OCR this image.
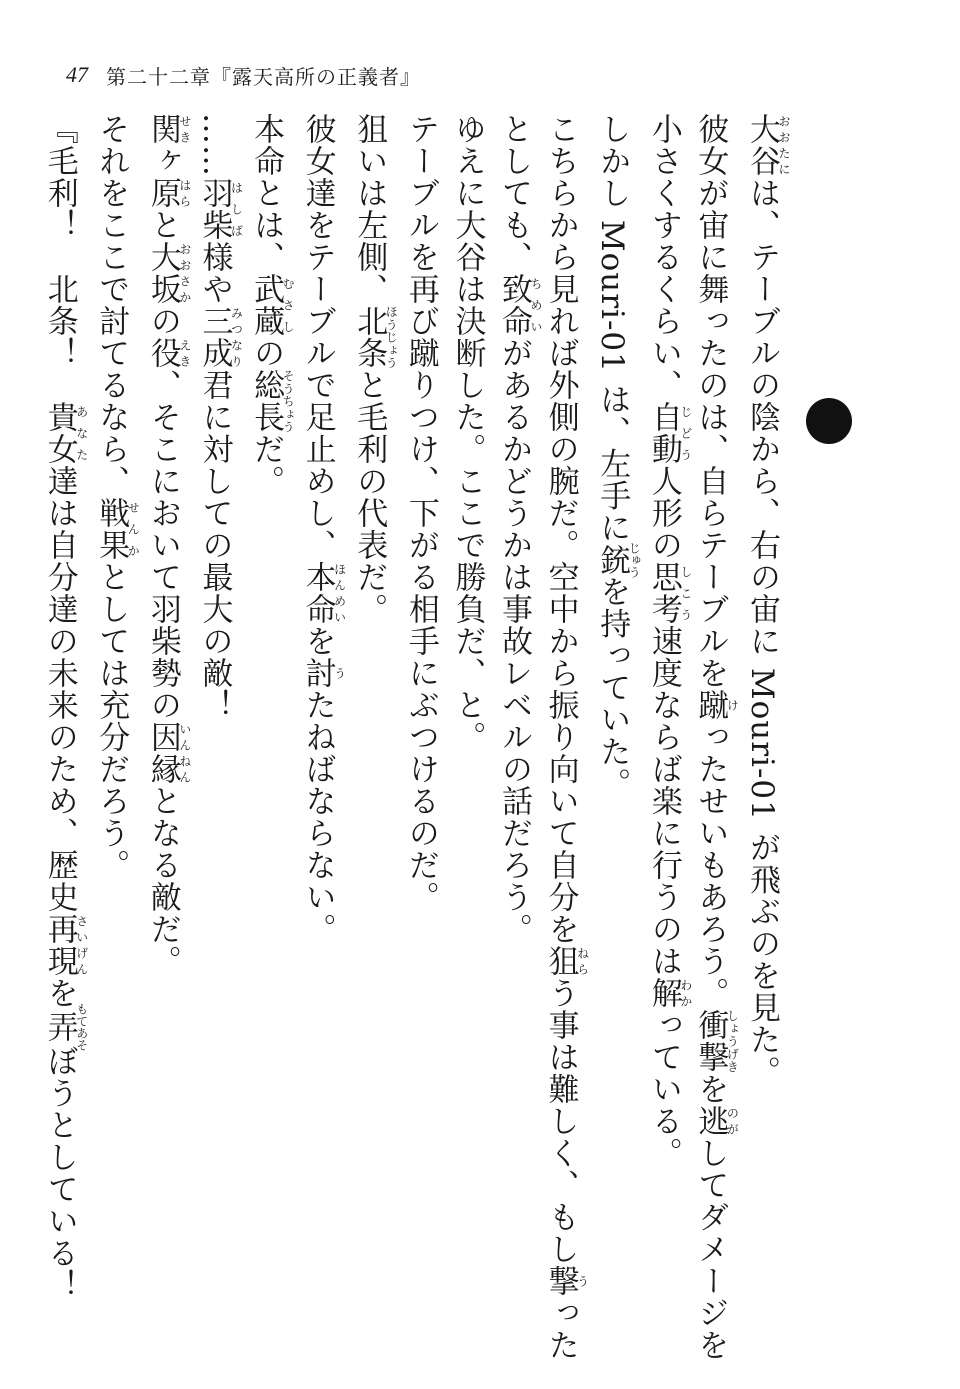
47 第二十二章『露天高所の正義者』

大谷おおたには、テーブルの陰から、右の宙に Mouri-01 が飛ぶのを見た。

彼女が宙に舞ったのは、自らテーブルを蹴けったせいもあろう。衝撃しょうげきを逃のがしてダメージを小さくするくらい、自動じどう人形の思考しこう速度ならば楽に行うのは解わかっている。

しかし Mouri-01 は、左手に銃じゅうを持っていた。

こちらから見れば外側の腕だ。空中から振り向いて自分を狙ねらう事は難しく、もし撃うったとしても、致命ちめいがあるかどうかは事故レベルの話だろう。

ゆえに大谷は決断した。ここで勝負だ、と。

テーブルを再び蹴りつけ、下がる相手にぶつけるのだ。

狙いは左側、北条ほうじょうと毛利の代表だ。

彼女達をテーブルで足止めし、本命ほんめいを討うたねばならない。

本命とは、武蔵むさしの総長そうちょうだ。

……羽柴はしば様や三成みつなり君に対しての最大の敵！

関せきヶ原はらと大坂おおさかの役えき、そこにおいて羽柴勢の因縁いんねんとなる敵だ。

それをここで討てるなら、戦果せんかとしては充分だろう。

『毛利！　北条！　貴女あなた達は自分達の未来のため、歴史再現さいげんを弄もてあそぼうとしている！
